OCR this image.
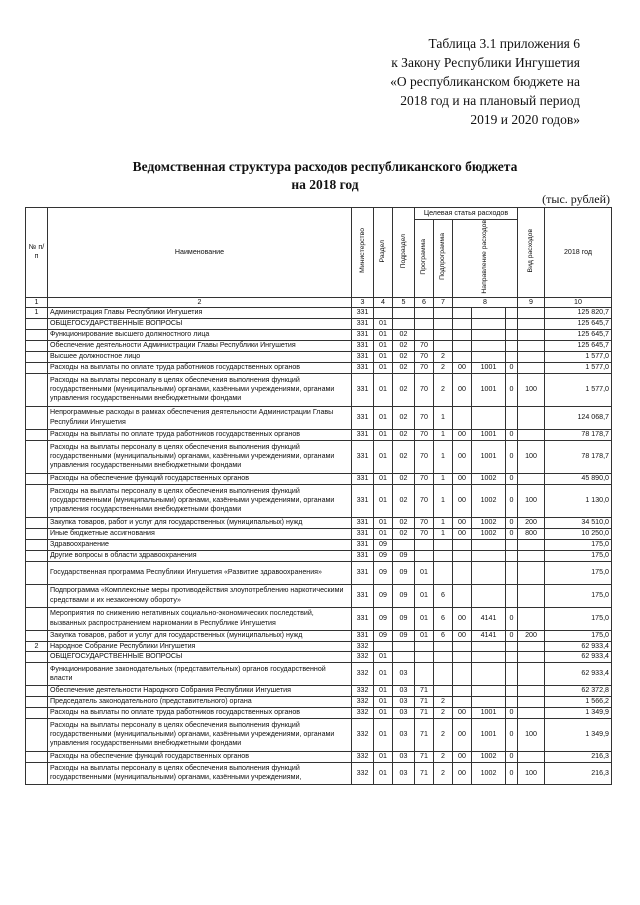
Таблица 3.1 приложения 6
к Закону Республики Ингушетия
«О республиканском бюджете на
2018 год и на плановый период
2019 и 2020 годов»
Ведомственная структура расходов республиканского бюджета
на 2018 год
(тыс. рублей)
№ п/п	Наименование	Министерство	Раздел	Подраздел	Целевая статья расходов					Вид расходов	2018 год
					Программа	Подпрограмма	Направление расходов				
1	2	3	4	5	6	7	8			9	10
1	Администрация Главы Республики Ингушетия	331									125 820,7
	ОБЩЕГОСУДАРСТВЕННЫЕ ВОПРОСЫ	331	01								125 645,7
	Функционирование высшего должностного лица	331	01	02							125 645,7
	Обеспечение деятельности Администрации Главы Республики Ингушетия	331	01	02	70						125 645,7
	Высшее должностное лицо	331	01	02	70	2					1 577,0
	Расходы на выплаты по оплате труда работников государственных органов	331	01	02	70	2	00	1001	0		1 577,0
	Расходы на выплаты персоналу в целях обеспечения выполнения функций государственными (муниципальными) органами, казёнными учреждениями, органами управления государственными внебюджетными фондами	331	01	02	70	2	00	1001	0	100	1 577,0
	Непрограммные расходы в рамках обеспечения деятельности Администрации Главы Республики Ингушетия	331	01	02	70	1					124 068,7
	Расходы на выплаты по оплате труда работников государственных органов	331	01	02	70	1	00	1001	0		78 178,7
	Расходы на выплаты персоналу в целях обеспечения выполнения функций государственными (муниципальными) органами, казёнными учреждениями, органами управления государственными внебюджетными фондами	331	01	02	70	1	00	1001	0	100	78 178,7
	Расходы на обеспечение функций государственных органов	331	01	02	70	1	00	1002	0		45 890,0
	Расходы на выплаты персоналу в целях обеспечения выполнения функций государственными (муниципальными) органами, казёнными учреждениями, органами управления государственными внебюджетными фондами	331	01	02	70	1	00	1002	0	100	1 130,0
	Закупка товаров, работ и услуг для государственных (муниципальных) нужд	331	01	02	70	1	00	1002	0	200	34 510,0
	Иные бюджетные ассигнования	331	01	02	70	1	00	1002	0	800	10 250,0
	Здравоохранение	331	09								175,0
	Другие вопросы в области здравоохранения	331	09	09							175,0
	Государственная программа Республики Ингушетия «Развитие здравоохранения»	331	09	09	01						175,0
	Подпрограмма «Комплексные меры противодействия злоупотреблению наркотическими средствами и их незаконному обороту»	331	09	09	01	6					175,0
	Мероприятия по снижению негативных социально-экономических последствий, вызванных распространением наркомании в Республике Ингушетия	331	09	09	01	6	00	4141	0		175,0
	Закупка товаров, работ и услуг для государственных (муниципальных) нужд	331	09	09	01	6	00	4141	0	200	175,0
2	Народное Собрание Республики Ингушетия	332									62 933,4
	ОБЩЕГОСУДАРСТВЕННЫЕ ВОПРОСЫ	332	01								62 933,4
	Функционирование законодательных (представительных) органов государственной власти	332	01	03							62 933,4
	Обеспечение деятельности Народного Собрания Республики Ингушетия	332	01	03	71						62 372,8
	Председатель законодательного (представительного) органа	332	01	03	71	2					1 566,2
	Расходы на выплаты по оплате труда работников государственных органов	332	01	03	71	2	00	1001	0		1 349,9
	Расходы на выплаты персоналу в целях обеспечения выполнения функций государственными (муниципальными) органами, казёнными учреждениями, органами управления государственными внебюджетными фондами	332	01	03	71	2	00	1001	0	100	1 349,9
	Расходы на обеспечение функций государственных органов	332	01	03	71	2	00	1002	0		216,3
	Расходы на выплаты персоналу в целях обеспечения выполнения функций государственными (муниципальными) органами, казёнными учреждениями,	332	01	03	71	2	00	1002	0	100	216,3
